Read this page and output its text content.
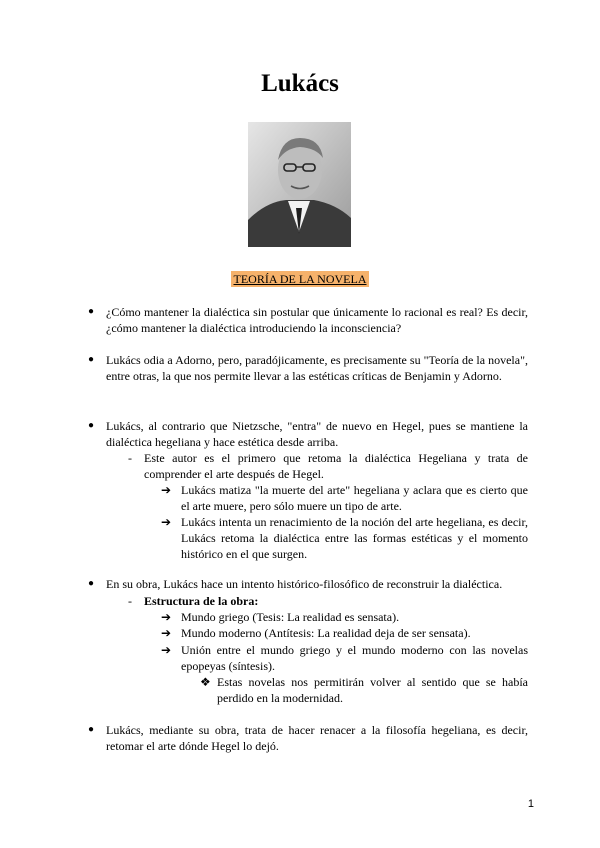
Lukács
TEORÍA DE LA NOVELA
● ¿Cómo mantener la dialéctica sin postular que únicamente lo racional es real? Es decir, ¿cómo mantener la dialéctica introduciendo la inconsciencia?
● Lukács odia a Adorno, pero, paradójicamente, es precisamente su "Teoría de la novela", entre otras, la que nos permite llevar a las estéticas críticas de Benjamin y Adorno.
● Lukács, al contrario que Nietzsche, "entra" de nuevo en Hegel, pues se mantiene la dialéctica hegeliana y hace estética desde arriba.
- Este autor es el primero que retoma la dialéctica Hegeliana y trata de comprender el arte después de Hegel.
➔ Lukács matiza "la muerte del arte" hegeliana y aclara que es cierto que el arte muere, pero sólo muere un tipo de arte.
➔ Lukács intenta un renacimiento de la noción del arte hegeliana, es decir, Lukács retoma la dialéctica entre las formas estéticas y el momento histórico en el que surgen.
● En su obra, Lukács hace un intento histórico-filosófico de reconstruir la dialéctica.
- Estructura de la obra:
➔ Mundo griego (Tesis: La realidad es sensata).
➔ Mundo moderno (Antítesis: La realidad deja de ser sensata).
➔ Unión entre el mundo griego y el mundo moderno con las novelas epopeyas (síntesis).
❖ Estas novelas nos permitirán volver al sentido que se había perdido en la modernidad.
● Lukács, mediante su obra, trata de hacer renacer a la filosofía hegeliana, es decir, retomar el arte dónde Hegel lo dejó.
1
